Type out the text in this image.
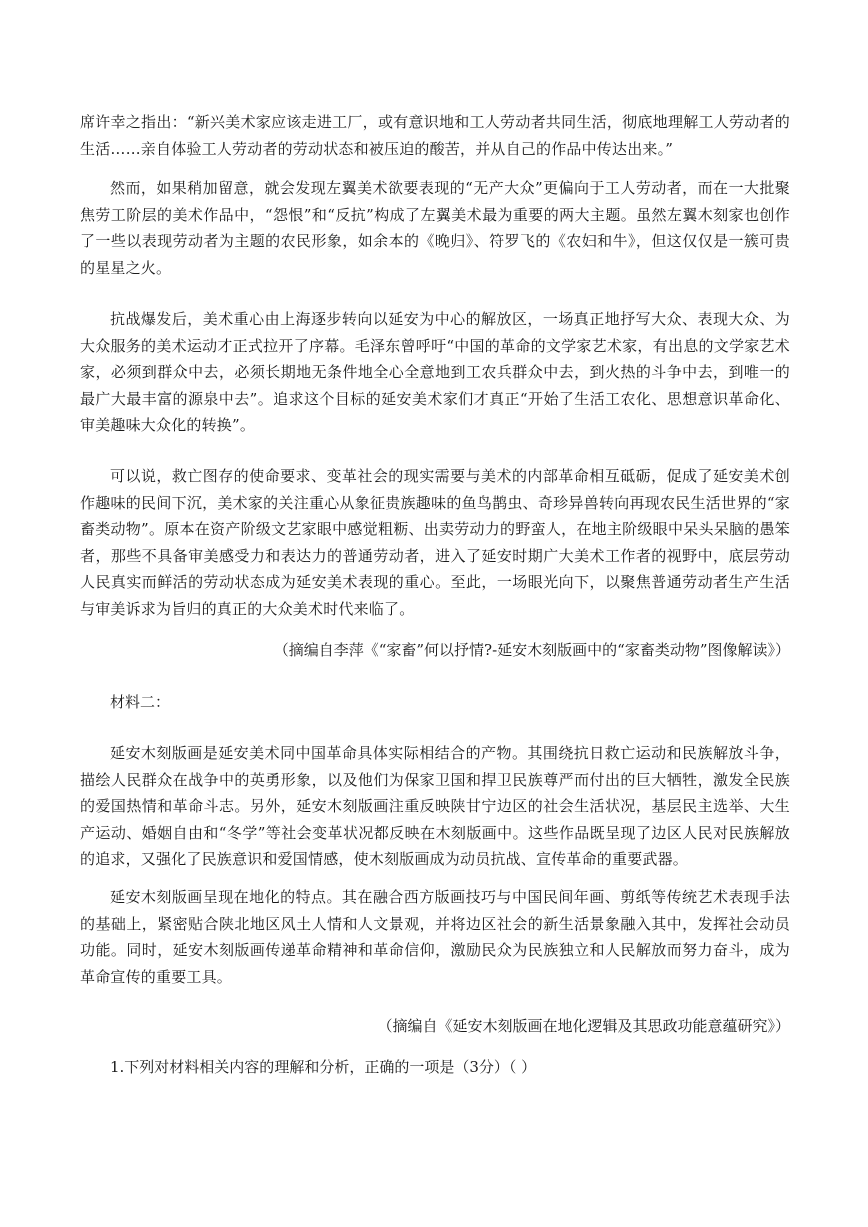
席许幸之指出：“新兴美术家应该走进工厂，或有意识地和工人劳动者共同生活，彻底地理解工人劳动者的生活……亲自体验工人劳动者的劳动状态和被压迫的酸苦，并从自己的作品中传达出来。”

然而，如果稍加留意，就会发现左翼美术欲要表现的“无产大众”更偏向于工人劳动者，而在一大批聚焦劳工阶层的美术作品中，“怨恨”和“反抗”构成了左翼美术最为重要的两大主题。虽然左翼木刻家也创作了一些以表现劳动者为主题的农民形象，如余本的《晚归》、符罗飞的《农妇和牛》，但这仅仅是一簇可贵的星星之火。

抗战爆发后，美术重心由上海逐步转向以延安为中心的解放区，一场真正地抒写大众、表现大众、为大众服务的美术运动才正式拉开了序幕。毛泽东曾呼吁“中国的革命的文学家艺术家，有出息的文学家艺术家，必须到群众中去，必须长期地无条件地全心全意地到工农兵群众中去，到火热的斗争中去，到唯一的最广大最丰富的源泉中去”。追求这个目标的延安美术家们才真正“开始了生活工农化、思想意识革命化、审美趣味大众化的转换”。

可以说，救亡图存的使命要求、变革社会的现实需要与美术的内部革命相互砥砺，促成了延安美术创作趣味的民间下沉，美术家的关注重心从象征贵族趣味的鱼鸟鹊虫、奇珍异兽转向再现农民生活世界的“家畜类动物”。原本在资产阶级文艺家眼中感觉粗粝、出卖劳动力的野蛮人，在地主阶级眼中呆头呆脑的愚笨者，那些不具备审美感受力和表达力的普通劳动者，进入了延安时期广大美术工作者的视野中，底层劳动人民真实而鲜活的劳动状态成为延安美术表现的重心。至此，一场眼光向下，以聚焦普通劳动者生产生活与审美诉求为旨归的真正的大众美术时代来临了。

（摘编自李萍《“家畜”何以抒情?-延安木刻版画中的“家畜类动物”图像解读》）

材料二：

延安木刻版画是延安美术同中国革命具体实际相结合的产物。其围绕抗日救亡运动和民族解放斗争，描绘人民群众在战争中的英勇形象，以及他们为保家卫国和捍卫民族尊严而付出的巨大牺牲，激发全民族的爱国热情和革命斗志。另外，延安木刻版画注重反映陕甘宁边区的社会生活状况，基层民主选举、大生产运动、婚姻自由和“冬学”等社会变革状况都反映在木刻版画中。这些作品既呈现了边区人民对民族解放的追求，又强化了民族意识和爱国情感，使木刻版画成为动员抗战、宣传革命的重要武器。

延安木刻版画呈现在地化的特点。其在融合西方版画技巧与中国民间年画、剪纸等传统艺术表现手法的基础上，紧密贴合陕北地区风土人情和人文景观，并将边区社会的新生活景象融入其中，发挥社会动员功能。同时，延安木刻版画传递革命精神和革命信仰，激励民众为民族独立和人民解放而努力奋斗，成为革命宣传的重要工具。

（摘编自《延安木刻版画在地化逻辑及其思政功能意蕴研究》）

1.下列对材料相关内容的理解和分析，正确的一项是（3分）（ ）
